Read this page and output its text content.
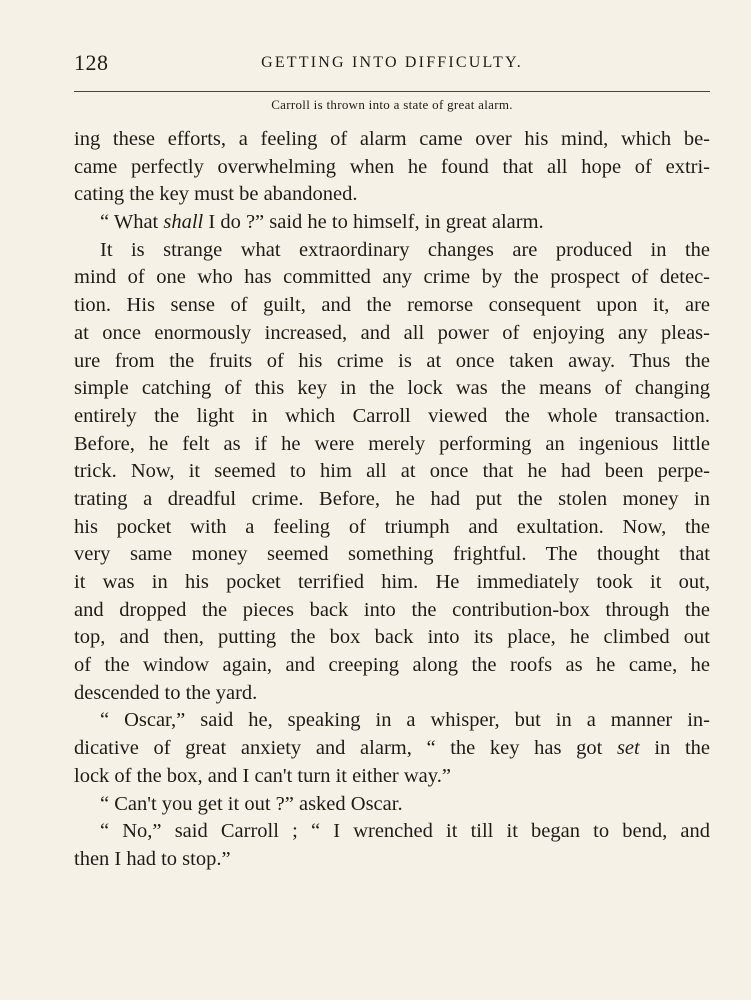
128	GETTING INTO DIFFICULTY.
Carroll is thrown into a state of great alarm.
ing these efforts, a feeling of alarm came over his mind, which be-
came perfectly overwhelming when he found that all hope of extri-
cating the key must be abandoned.
“ What shall I do ?” said he to himself, in great alarm.
It is strange what extraordinary changes are produced in the
mind of one who has committed any crime by the prospect of detec-
tion. His sense of guilt, and the remorse consequent upon it, are
at once enormously increased, and all power of enjoying any pleas-
ure from the fruits of his crime is at once taken away. Thus the
simple catching of this key in the lock was the means of changing
entirely the light in which Carroll viewed the whole transaction.
Before, he felt as if he were merely performing an ingenious little
trick. Now, it seemed to him all at once that he had been perpe-
trating a dreadful crime. Before, he had put the stolen money in
his pocket with a feeling of triumph and exultation. Now, the
very same money seemed something frightful. The thought that
it was in his pocket terrified him. He immediately took it out,
and dropped the pieces back into the contribution-box through the
top, and then, putting the box back into its place, he climbed out
of the window again, and creeping along the roofs as he came, he
descended to the yard.
“ Oscar,” said he, speaking in a whisper, but in a manner in-
dicative of great anxiety and alarm, “ the key has got set in the
lock of the box, and I can't turn it either way.”
“ Can't you get it out ?” asked Oscar.
“ No,” said Carroll ; “ I wrenched it till it began to bend, and
then I had to stop.”
